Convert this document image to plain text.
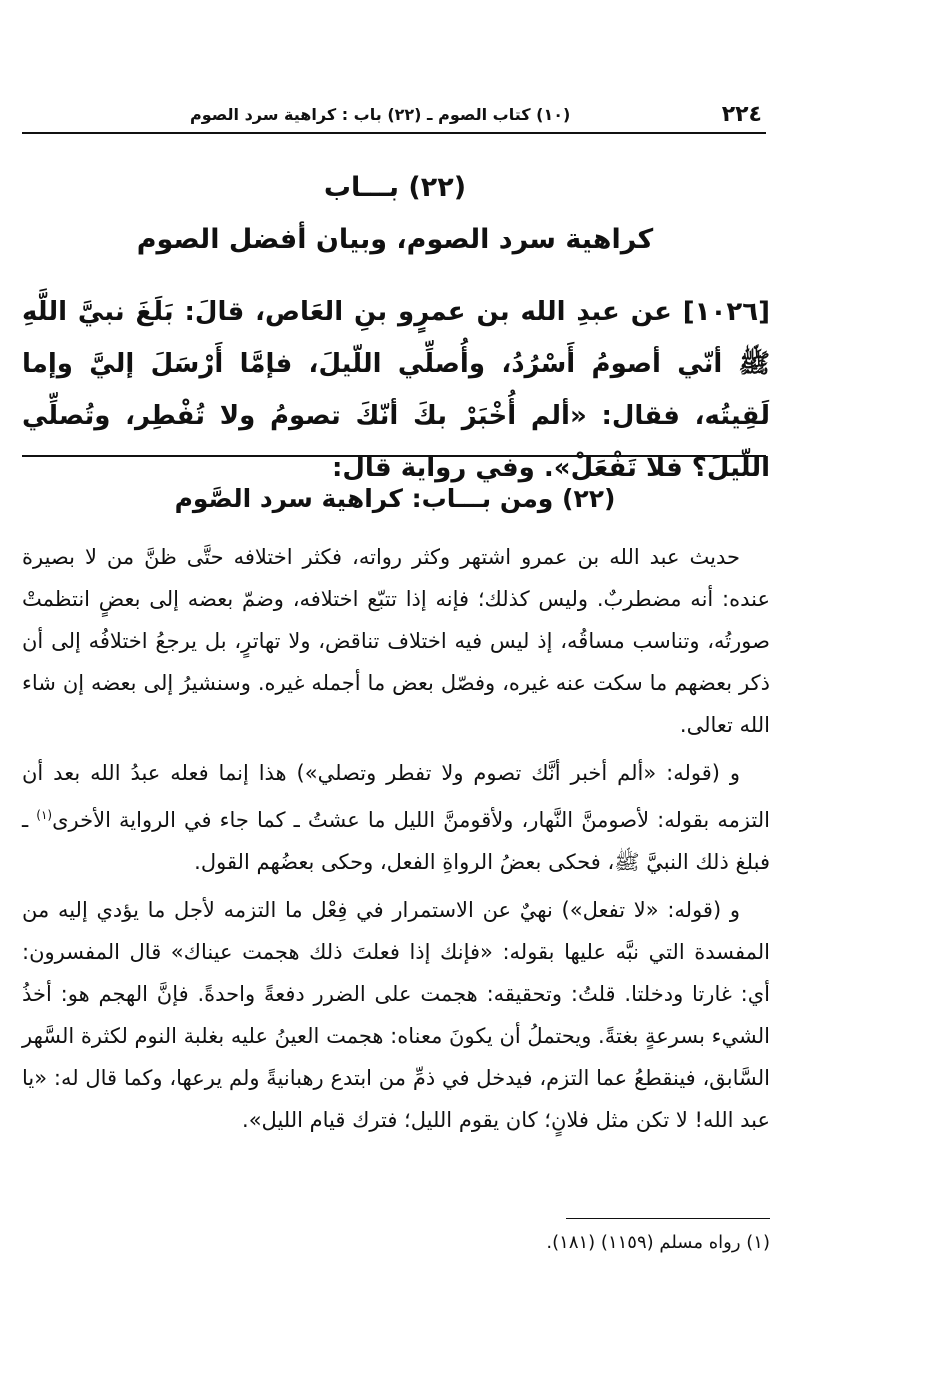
٢٢٤
(١٠) كتاب الصوم ـ (٢٢) باب : كراهية سرد الصوم
(٢٢) بـــاب
كراهية سرد الصوم، وبيان أفضل الصوم
[١٠٢٦] عن عبدِ الله بن عمرٍو بنِ العَاص، قالَ: بَلَغَ نبيَّ اللَّهِ ﷺ أنّي أصومُ أَسْرُدُ، وأُصلِّي اللّيلَ، فإمَّا أَرْسَلَ إليَّ وإما لَقِيتُه، فقال: «ألم أُخْبَرْ بكَ أنّكَ تصومُ ولا تُفْطِر، وتُصلِّي اللّيلَ؟ فلا تَفْعَلْ». وفي رواية قال:
(٢٢) ومن بـــاب: كراهية سرد الصَّوم

حديث عبد الله بن عمرو اشتهر وكثر رواته، فكثر اختلافه حتَّى ظنَّ من لا بصيرة عنده: أنه مضطربٌ. وليس كذلك؛ فإنه إذا تتبّع اختلافه، وضمّ بعضه إلى بعضٍ انتظمتْ صورتُه، وتناسب مساقُه، إذ ليس فيه اختلاف تناقض، ولا تهاترٍ، بل يرجعُ اختلافُه إلى أن ذكر بعضهم ما سكت عنه غيره، وفصّل بعض ما أجمله غيره. وسنشيرُ إلى بعضه إن شاء الله تعالى.

و (قوله: «ألم أخبر أنَّك تصوم ولا تفطر وتصلي») هذا إنما فعله عبدُ الله بعد أن التزمه بقوله: لأصومنَّ النَّهار، ولأقومنَّ الليل ما عشتُ ـ كما جاء في الرواية الأخرى$^{(١)}$ ـ فبلغ ذلك النبيَّ ﷺ، فحكى بعضُ الرواةِ الفعل، وحكى بعضُهم القول.

و (قوله: «لا تفعل») نهيٌ عن الاستمرار في فِعْل ما التزمه لأجل ما يؤدي إليه من المفسدة التي نبَّه عليها بقوله: «فإنك إذا فعلتَ ذلك هجمت عيناك» قال المفسرون: أي: غارتا ودخلتا. قلتُ: وتحقيقه: هجمت على الضرر دفعةً واحدةً. فإنَّ الهجم هو: أخذُ الشيء بسرعةٍ بغتةً. ويحتملُ أن يكونَ معناه: هجمت العينُ عليه بغلبة النوم لكثرة السَّهر السَّابق، فينقطعُ عما التزم، فيدخل في ذمِّ من ابتدع رهبانيةً ولم يرعها، وكما قال له: «يا عبد الله! لا تكن مثل فلانٍ؛ كان يقوم الليل؛ فترك قيام الليل».

(١) رواه مسلم (١١٥٩) (١٨١).
